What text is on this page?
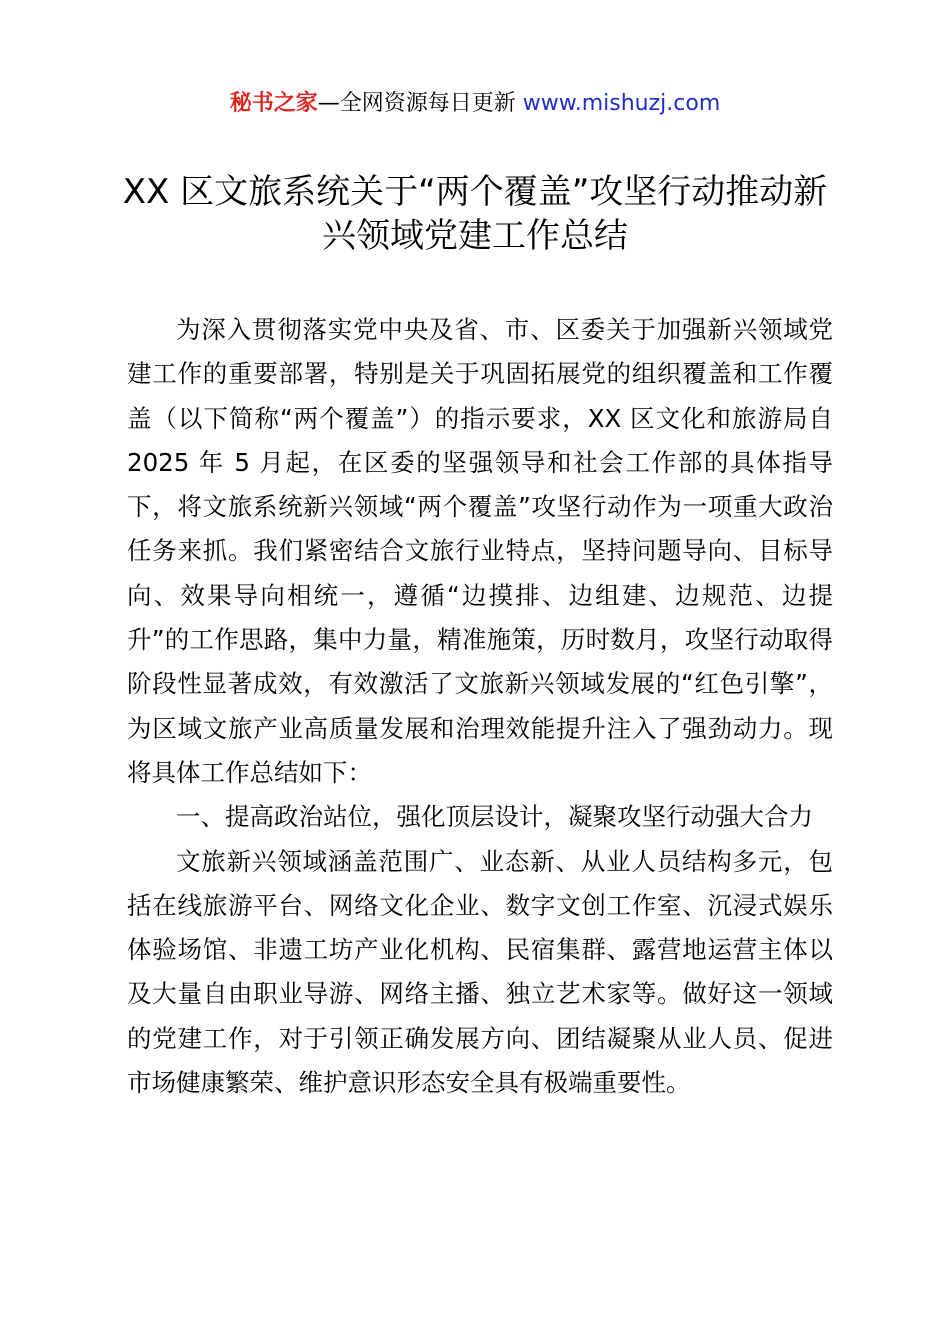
秘书之家—全网资源每日更新 www.mishuzj.com
XX 区文旅系统关于“两个覆盖”攻坚行动推动新兴领域党建工作总结

为深入贯彻落实党中央及省、市、区委关于加强新兴领域党建工作的重要部署，特别是关于巩固拓展党的组织覆盖和工作覆盖（以下简称“两个覆盖”）的指示要求，XX 区文化和旅游局自 2025 年 5 月起，在区委的坚强领导和社会工作部的具体指导下，将文旅系统新兴领域“两个覆盖”攻坚行动作为一项重大政治任务来抓。我们紧密结合文旅行业特点，坚持问题导向、目标导向、效果导向相统一，遵循“边摸排、边组建、边规范、边提升”的工作思路，集中力量，精准施策，历时数月，攻坚行动取得阶段性显著成效，有效激活了文旅新兴领域发展的“红色引擎”，为区域文旅产业高质量发展和治理效能提升注入了强劲动力。现将具体工作总结如下：

一、提高政治站位，强化顶层设计，凝聚攻坚行动强大合力

文旅新兴领域涵盖范围广、业态新、从业人员结构多元，包括在线旅游平台、网络文化企业、数字文创工作室、沉浸式娱乐体验场馆、非遗工坊产业化机构、民宿集群、露营地运营主体以及大量自由职业导游、网络主播、独立艺术家等。做好这一领域的党建工作，对于引领正确发展方向、团结凝聚从业人员、促进市场健康繁荣、维护意识形态安全具有极端重要性。
